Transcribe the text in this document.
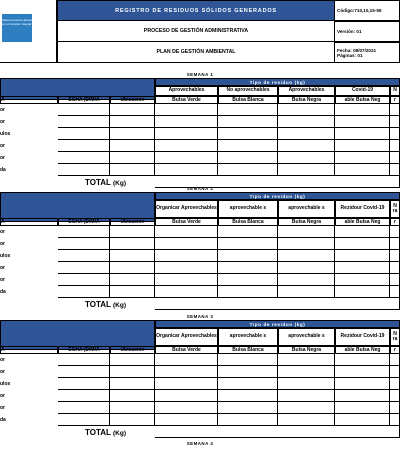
Sistema para la atención integral en el corredor integral de
REGISTRO DE RESIDUOS SÓLIDOS GENERADOS
PROCESO DE GESTIÓN ADMINISTRATIVA
PLAN DE GESTIÓN AMBIENTAL
Código:710,10,15-55
Versión: 01
Fecha: 08/07/2021
Páginas: 01
SEMANA 1
Tipo de residuo (kg)
Aprovechables	No aprovechables	Aprovechables	Covid-19	N
A	ECHA (D/M/A	Ubicación	Bulsa Verde	Bulsa Blanca	Bulsa Negra	able Bulsa Neg	r
or
or
ulos
or
or
da
TOTAL (Kg)
SEMANA 2
Tipo de residuo (kg)
Organicar Aprovechables	aprovechable s	aprovechable s	Rezidour Covid-19	N ra
A	ECHA (D/M/A	Ubicación	Bulsa Verde	Bulsa Blanca	Bulsa Negra	able Bulsa Neg	r
or
or
ulos
or
or
da
TOTAL (Kg)
SEMANA 3
Tipo de residuo (kg)
Organicar Aprovechables	aprovechable s	aprovechable s	Rezidour Covid-19	N ra
A	ECHA (D/M/A	Ubicación	Bulsa Verde	Bulsa Blanca	Bulsa Negra	able Bulsa Neg	r
or
or
ulos
or
or
da
TOTAL (Kg)
SEMANA 4
